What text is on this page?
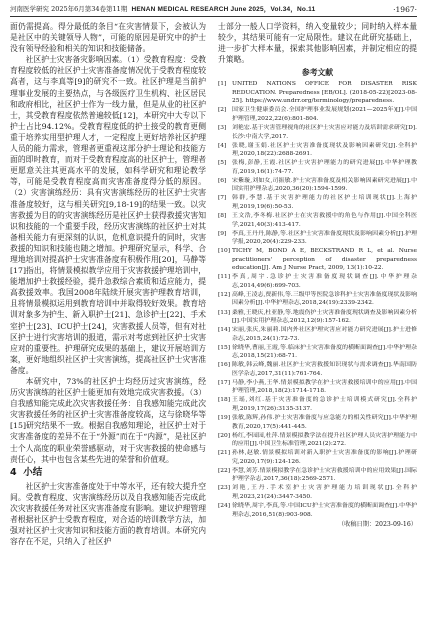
河南医学研究 2025年6月第34卷第11期 HENAN MEDICAL RESEARCH June 2025，Vol.34，No.11	·1967·

面仍需提高。得分最低的条目“在灾害情景下，会被认为是社区中的关键领导人物”，可能的原因是研究中的护士没有领导经验和相关的知识和技能储备。

社区护士灾害备灾影响因素。（1）受教育程度：受教育程度较低的社区护士灾害准备度情况优于受教育程度较高者，这与李真等[9]的研究不一致。社区护理是当前护理事业发展的主要热点，与各级医疗卫生机构、社区居民和政府相比，社区护士作为一线力量，但是从业的社区护士，其受教育程度依然普遍较低[12]，本研究中大专以下护士占比94.12%。受教育程度低的护士接受的教育更侧重于培养实用型护理人才，一定程度上更好培养社区护理人员的能力需求，管理者更重视这部分护士理论和技能方面的即时教育，而对于受教育程度高的社区护士，管理者更愿意关注其更高水平的发展，如科学研究和理论教学等，可能是受教育程度高而灾害准备度得分低的原因。（2）灾害演练经历：具有灾害演练经历的社区护士灾害准备度较好，这与相关研究[9,18-19]的结果一致。以灾害救援为目的的灾害演练经历是社区护士获得救援灾害知识和技能的一个重要手段，经历灾害演练的社区护士对其备相关能力有更深刻的认识，危机意识提升的同时，灾害救援的知识和技能也随之增加。护理研究显示，科学、合理地培训对提高护士灾害准备度有积极作用[20]，马静等[17]指出，将情景模拟教学应用于灾害救援护理培训中，能增加护士救援经验，提升急救综合素质和适应能力，提高救援效率。我国2008年陆续开展灾害护理教育培训，且将情景模拟运用到教育培训中并取得较好效果。教育培训对象多为护生、新入职护士[21]、急诊护士[22]、手术室护士[23]、ICU护士[24]，灾害救援人员等，但有对社区护士进行灾害培训的报道，需示对考虑到社区护士灾害应对的重要性。护理研究成果的基础上，建议开展培训方案，更好地组织社区护士灾害演练，提高社区护士灾害准备度。

本研究中，73%的社区护士均经历过灾害演练，经历灾害演练的社区护士能更加有效地完成灾害救援。（3）自我感知能完成此次灾害救援任务：自我感知能完成此次灾害救援任务的社区护士灾害准备度较高，这与徐晓华等[15]研究结果不一致。根据自我感知理论，社区护士对于灾害准备度的差异不在于“外源”而在于“内源”，是社区护士个人高度的职业荣誉感驱动，对于灾害救援的使命感与责任心，其中也包含某些先进的荣誉和价值观。

4 小结

社区护士灾害准备度处于中等水平，还有较大提升空间。受教育程度、灾害演练经历以及自我感知能否完成此次灾害救援任务对社区灾害准备度有影响。建议护理管理者根据社区护士受教育程度，对合适的培训教学方法，加强对社区护士灾害知识和技能方面的教育培训。本研究内容存在不足，只纳入了社区护

士部分一般人口学资料，纳入变量较少；同时纳入样本量较少，其结果可能有一定局限性。建议在此研究基础上，进一步扩大样本量，探索其他影响因素，并制定相应的提升策略。

参考文献
[1] UNITED NATIONS OFFICE FOR DISASTER RISK REDUCATION. Preparedness [EB/OL]. (2018-05-22)[2023-08-25]. https://www.undrr.org/terminology/preparedness.
[2] 国家卫生健康委员会.全国护理事业发展规划(2021—2025年)[J].中国护理管理,2022,22(6):801-804.
[3] 刘艳宏.基于灾害管理视角的社区护士灾害应对能力及培训需求研究[D].长沙:中南大学,2017.
[4] 张晓,谢玉娟.社区护士灾害准备度现状及影响因素研究[J].全科护理,2020,18(22):2688-2691.
[5] 张梅,彭静,王霞.社区护士灾害护理能力的研究进展[J].中华护理教育,2019,16(1):74-77.
[6] 宋紫璇,刘如女,司振敏.护士灾害准备度及相关影响因素研究进展[J].中国实用护理杂志,2020,36(20):1594-1599.
[7] 韩群,李慧.基于灾害护理能力的社区护士培训现状[J].上海护理,2019,19(6):50-53.
[8] 王文浩,李冬梅.社区护士在灾害救援中的角色与作用[J].中国全科医学,2021,40(3):413-417.
[9] 李真,王丹丹,陈静,等.社区护士灾害准备度现状及影响因素分析[J].护理学报,2020,20(4):229-233.
[10] TICHY M, BOND A E, BECKSTRAND R L, et al. Nurse practitioners' perception of disaster preparedness education[J]. Am J Nurse Pract, 2009, 13(1):10-22.
[11] 李真,周宇.急诊护士灾害准备度现状调查[J].中华护理杂志,2014,49(6):699-703.
[12] 高峰,王凌志,贾新伟,等.三级甲等医院急诊科护士灾害准备度现状及影响因素分析[J].中华护理杂志,2018,24(19):2339-2342.
[13] 桑雅,王晓庆,杜亚静,等.地震伤护士灾害准备度现状调查及影响因素分析[J].中国实用护理杂志,2012,12(9):157-162.
[14] 宋丽,张庆,朱丽莉.国内外社区护理灾害应对能力研究进展[J].护士进修杂志,2015,24(1):72-73.
[15] 徐晓华,曹丽,王霞,等.临床护士灾害准备度的横断面调查[J].中华护理杂志,2018,15(21):68-71.
[16] 陈敏,韩云峰,魏丽.社区护士灾害救援知识现状与需求调查[J].华南国防医学杂志,2017,31(11):761-764.
[17] 马静,李小燕,王华.情景模拟教学在护士灾害救援培训中的应用[J].中国护理管理,2018,18(2):1714-1718.
[18] 王瑶,刘红.基于灾害准备度的急诊护士培训模式研究[J].全科护理,2019,17(26):3135-3137.
[19] 张敏,陈辉,孙伟.护士灾害准备度与应急能力的相关性研究[J].中华护理教育,2020,17(5):441-445.
[20] 杨红,李园园,杜萍.情景模拟教学法在提升社区护理人员灾害护理能力中的应用[J].中国卫生标准管理,2021(2):272.
[21] 孙林,赵敏.情景模拟培训对新入职护士灾害准备度的影响[J].护理研究,2020,17(9):124-126.
[22] 李慧,刘芳.情景模拟教学在急诊护士灾害救援培训中的应用效果[J].国际护理学杂志,2017,36(18):2569-2571.
[23] 刘艳,王丹.手术室护士灾害护理能力培训现状[J].全科护理,2023,21(24):3447-3450.
[24] 徐晓华,周宇,李真,等.中国ICU护士灾害准备度的横断面调查[J].中华护理杂志,2016,51(8):903-908.
（收稿日期：2023-09-16）
